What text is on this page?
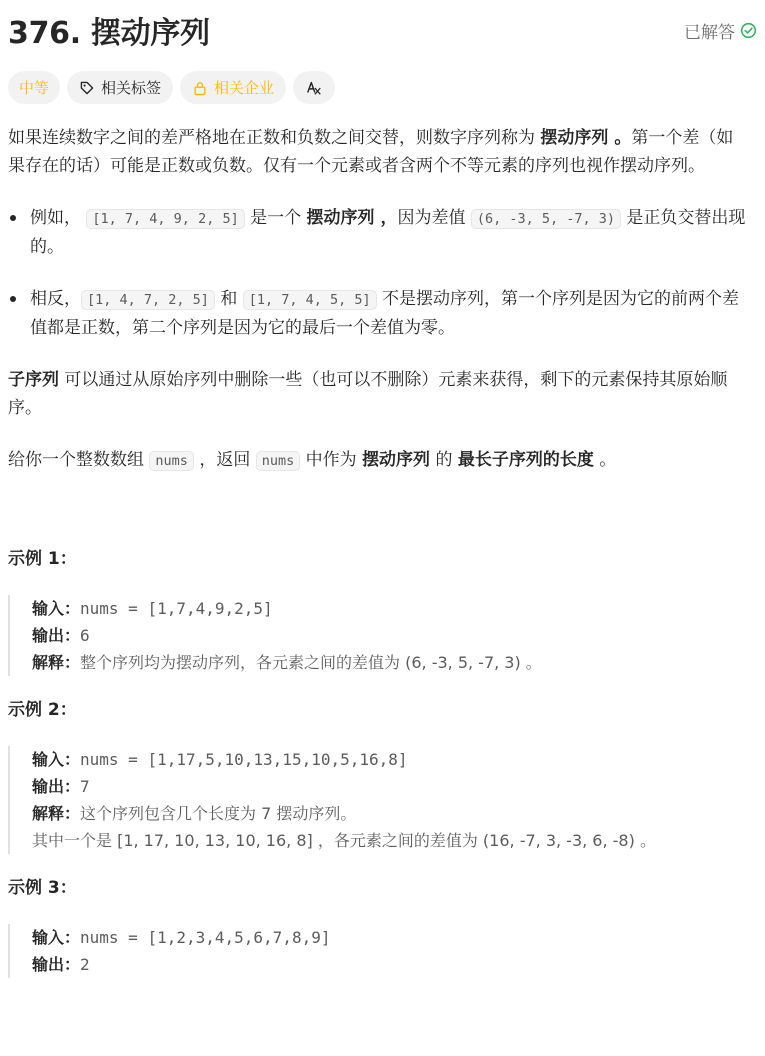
376. 摆动序列	已解答
中等	相关标签	相关企业

如果连续数字之间的差严格地在正数和负数之间交替，则数字序列称为 摆动序列 。第一个差（如果存在的话）可能是正数或负数。仅有一个元素或者含两个不等元素的序列也视作摆动序列。

例如， [1, 7, 4, 9, 2, 5] 是一个 摆动序列 ，因为差值 (6, -3, 5, -7, 3) 是正负交替出现的。
相反， [1, 4, 7, 2, 5] 和 [1, 7, 4, 5, 5] 不是摆动序列，第一个序列是因为它的前两个差值都是正数，第二个序列是因为它的最后一个差值为零。

子序列 可以通过从原始序列中删除一些（也可以不删除）元素来获得，剩下的元素保持其原始顺序。

给你一个整数数组 nums ，返回 nums 中作为 摆动序列 的 最长子序列的长度 。

示例 1：
输入：nums = [1,7,4,9,2,5]
输出：6
解释：整个序列均为摆动序列，各元素之间的差值为 (6, -3, 5, -7, 3) 。
示例 2：
输入：nums = [1,17,5,10,13,15,10,5,16,8]
输出：7
解释：这个序列包含几个长度为 7 摆动序列。
其中一个是 [1, 17, 10, 13, 10, 16, 8] ，各元素之间的差值为 (16, -7, 3, -3, 6, -8) 。
示例 3：
输入：nums = [1,2,3,4,5,6,7,8,9]
输出：2
